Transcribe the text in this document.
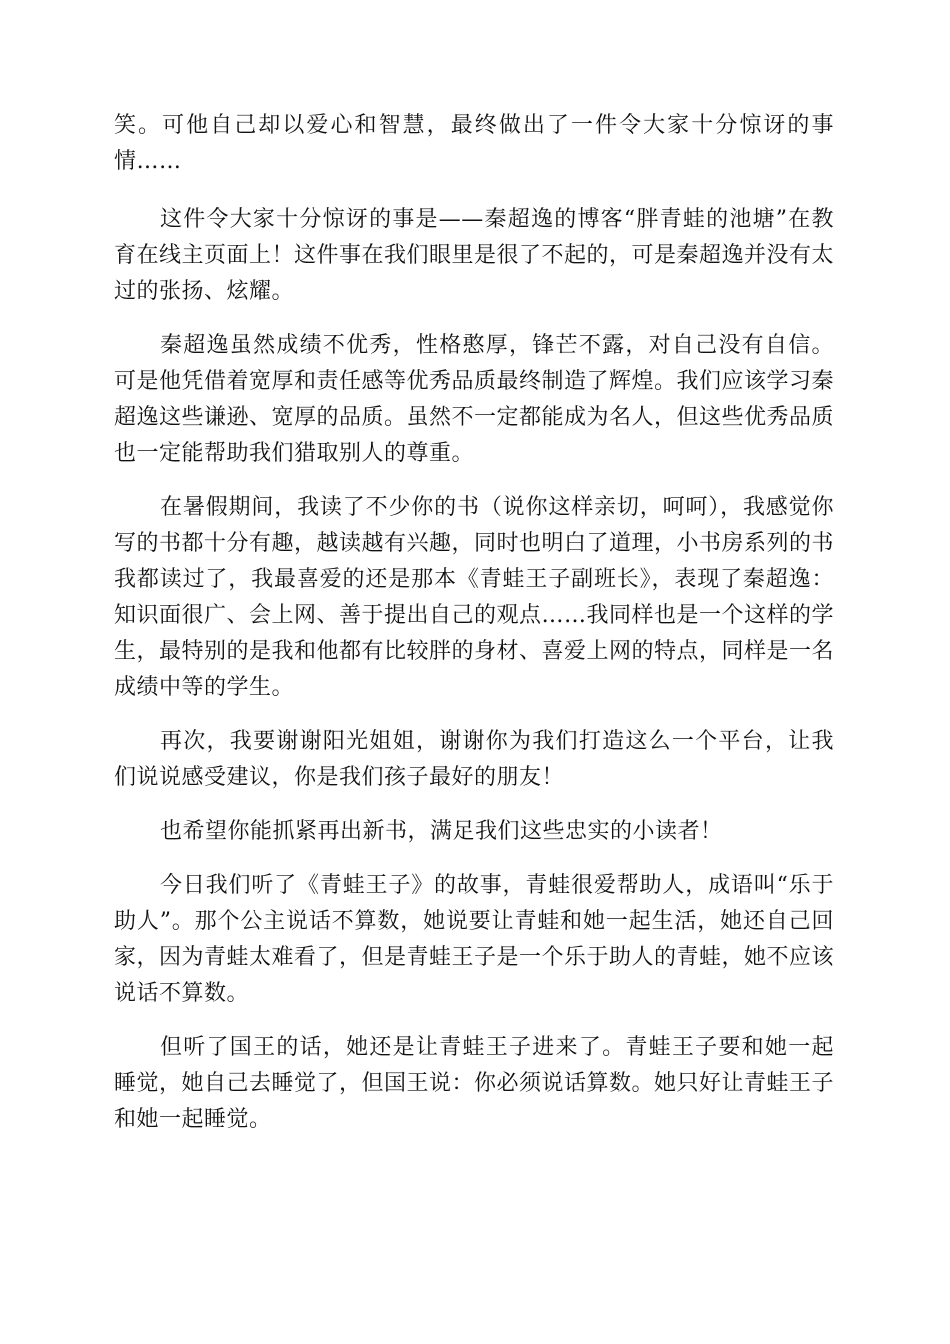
笑。可他自己却以爱心和智慧，最终做出了一件令大家十分惊讶的事情……

这件令大家十分惊讶的事是——秦超逸的博客“胖青蛙的池塘”在教育在线主页面上！这件事在我们眼里是很了不起的，可是秦超逸并没有太过的张扬、炫耀。

秦超逸虽然成绩不优秀，性格憨厚，锋芒不露，对自己没有自信。可是他凭借着宽厚和责任感等优秀品质最终制造了辉煌。我们应该学习秦超逸这些谦逊、宽厚的品质。虽然不一定都能成为名人，但这些优秀品质也一定能帮助我们猎取别人的尊重。

在暑假期间，我读了不少你的书（说你这样亲切，呵呵），我感觉你写的书都十分有趣，越读越有兴趣，同时也明白了道理，小书房系列的书我都读过了，我最喜爱的还是那本《青蛙王子副班长》，表现了秦超逸：知识面很广、会上网、善于提出自己的观点……我同样也是一个这样的学生，最特别的是我和他都有比较胖的身材、喜爱上网的特点，同样是一名成绩中等的学生。

再次，我要谢谢阳光姐姐，谢谢你为我们打造这么一个平台，让我们说说感受建议，你是我们孩子最好的朋友！

也希望你能抓紧再出新书，满足我们这些忠实的小读者！

今日我们听了《青蛙王子》的故事，青蛙很爱帮助人，成语叫“乐于助人”。那个公主说话不算数，她说要让青蛙和她一起生活，她还自己回家，因为青蛙太难看了，但是青蛙王子是一个乐于助人的青蛙，她不应该说话不算数。

但听了国王的话，她还是让青蛙王子进来了。青蛙王子要和她一起睡觉，她自己去睡觉了，但国王说：你必须说话算数。她只好让青蛙王子和她一起睡觉。
